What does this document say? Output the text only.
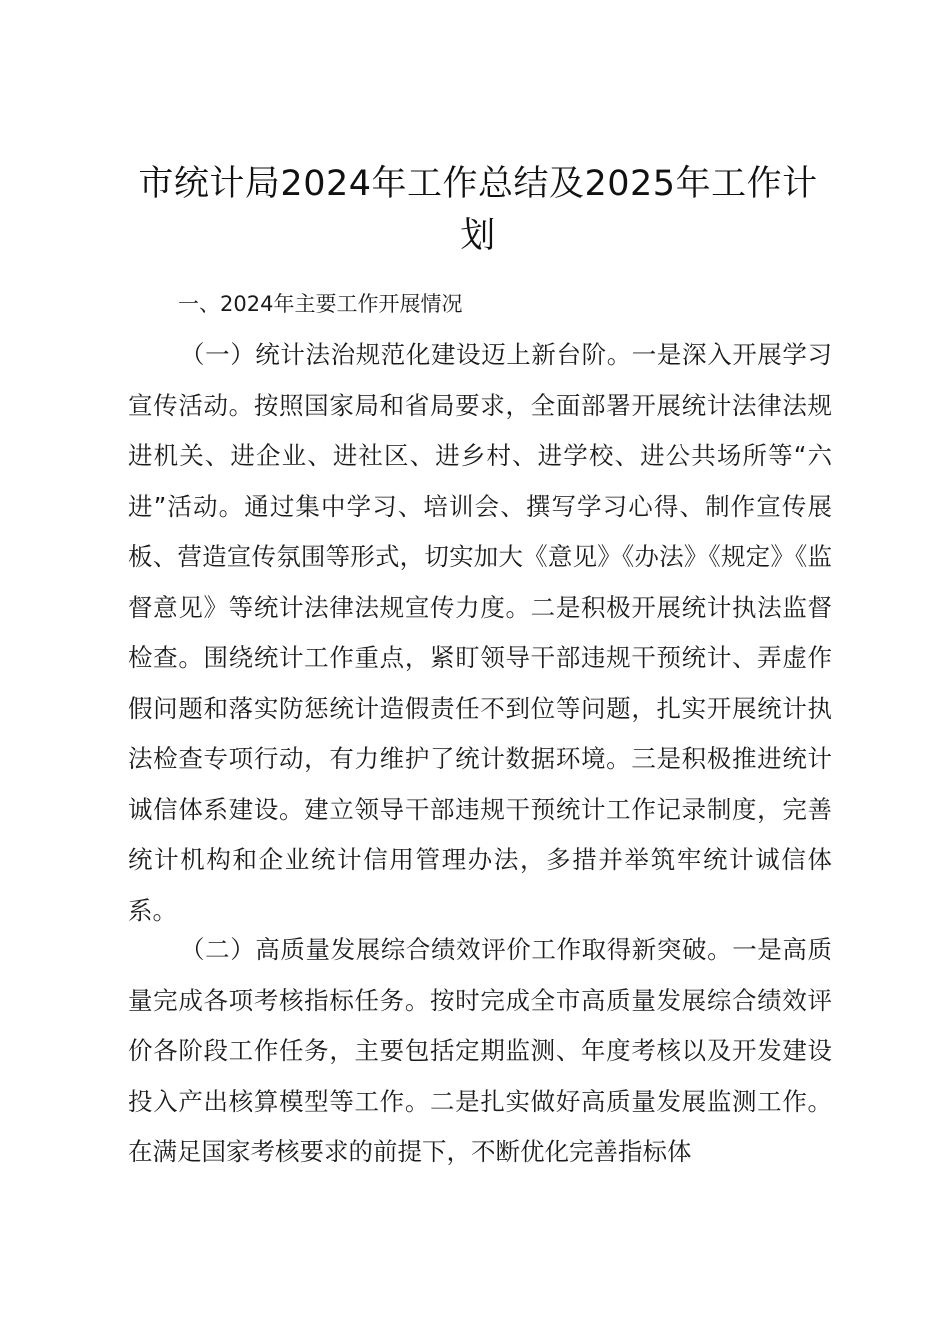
市统计局2024年工作总结及2025年工作计划

一、2024年主要工作开展情况

（一）统计法治规范化建设迈上新台阶。一是深入开展学习宣传活动。按照国家局和省局要求，全面部署开展统计法律法规进机关、进企业、进社区、进乡村、进学校、进公共场所等“六进”活动。通过集中学习、培训会、撰写学习心得、制作宣传展板、营造宣传氛围等形式，切实加大《意见》《办法》《规定》《监督意见》等统计法律法规宣传力度。二是积极开展统计执法监督检查。围绕统计工作重点，紧盯领导干部违规干预统计、弄虚作假问题和落实防惩统计造假责任不到位等问题，扎实开展统计执法检查专项行动，有力维护了统计数据环境。三是积极推进统计诚信体系建设。建立领导干部违规干预统计工作记录制度，完善统计机构和企业统计信用管理办法，多措并举筑牢统计诚信体系。

（二）高质量发展综合绩效评价工作取得新突破。一是高质量完成各项考核指标任务。按时完成全市高质量发展综合绩效评价各阶段工作任务，主要包括定期监测、年度考核以及开发建设投入产出核算模型等工作。二是扎实做好高质量发展监测工作。在满足国家考核要求的前提下，不断优化完善指标体
